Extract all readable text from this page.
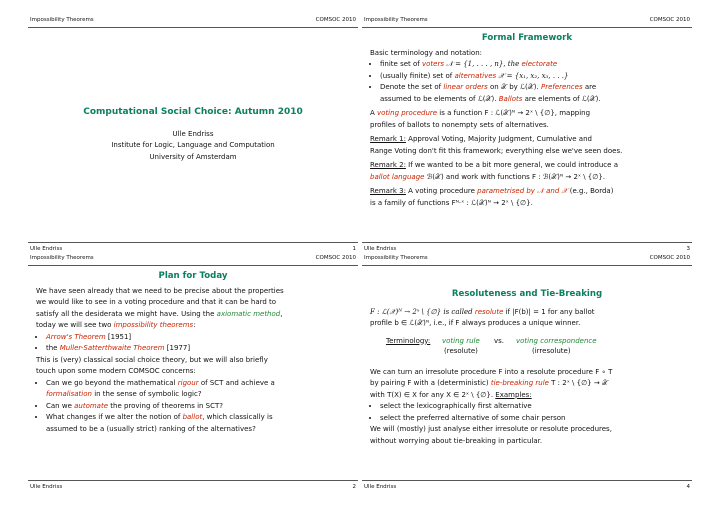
Impossibility Theorems	COMSOC 2010
Computational Social Choice: Autumn 2010
Ulle Endriss
Institute for Logic, Language and Computation
University of Amsterdam
Ulle Endriss	1
Impossibility Theorems	COMSOC 2010
Formal Framework

Basic terminology and notation:

• finite set of voters 𝒩 = {1, . . . , n}, the electorate
• (usually finite) set of alternatives 𝒳 = {x₁, x₂, x₃, . . .}
• Denote the set of linear orders on 𝒳 by ℒ(𝒳). Preferences are
assumed to be elements of ℒ(𝒳). Ballots are elements of ℒ(𝒳).

A voting procedure is a function F : ℒ(𝒳)ᴺ → 2ˣ \ {∅}, mapping
profiles of ballots to nonempty sets of alternatives.

Remark 1: Approval Voting, Majority Judgment, Cumulative and
Range Voting don't fit this framework; everything else we've seen does.

Remark 2: If we wanted to be a bit more general, we could introduce a
ballot language ℬ(𝒳) and work with functions F : ℬ(𝒳)ᴺ → 2ˣ \ {∅}.

Remark 3: A voting procedure parametrised by 𝒩 and 𝒳 (e.g., Borda)
is a family of functions Fᴺ·ˣ : ℒ(𝒳)ᴺ → 2ˣ \ {∅}.

Ulle Endriss	3
Impossibility Theorems	COMSOC 2010
Plan for Today

We have seen already that we need to be precise about the properties
we would like to see in a voting procedure and that it can be hard to
satisfy all the desiderata we might have. Using the axiomatic method,
today we will see two impossibility theorems:

• Arrow's Theorem [1951]
• the Muller-Satterthwaite Theorem [1977]

This is (very) classical social choice theory, but we will also briefly
touch upon some modern COMSOC concerns:

• Can we go beyond the mathematical rigour of SCT and achieve a
formalisation in the sense of symbolic logic?
• Can we automate the proving of theorems in SCT?
• What changes if we alter the notion of ballot, which classically is
assumed to be a (usually strict) ranking of the alternatives?
Ulle Endriss	2
Impossibility Theorems	COMSOC 2010
Resoluteness and Tie-Breaking

F : ℒ(𝒳)ᴺ → 2ˣ \ {∅} is called resolute if |F(b)| = 1 for any ballot
profile b ∈ ℒ(𝒳)ᴺ, i.e., if F always produces a unique winner.

Terminology: voting rule vs. voting correspondence
(resolute)	(irresolute)

We can turn an irresolute procedure F into a resolute procedure F ∘ T
by pairing F with a (deterministic) tie-breaking rule T : 2ˣ \ {∅} → 𝒳
with T(X) ∈ X for any X ∈ 2ˣ \ {∅}. Examples:

• select the lexicographically first alternative
• select the preferred alternative of some chair person

We will (mostly) just analyse either irresolute or resolute procedures,
without worrying about tie-breaking in particular.

Ulle Endriss	4
